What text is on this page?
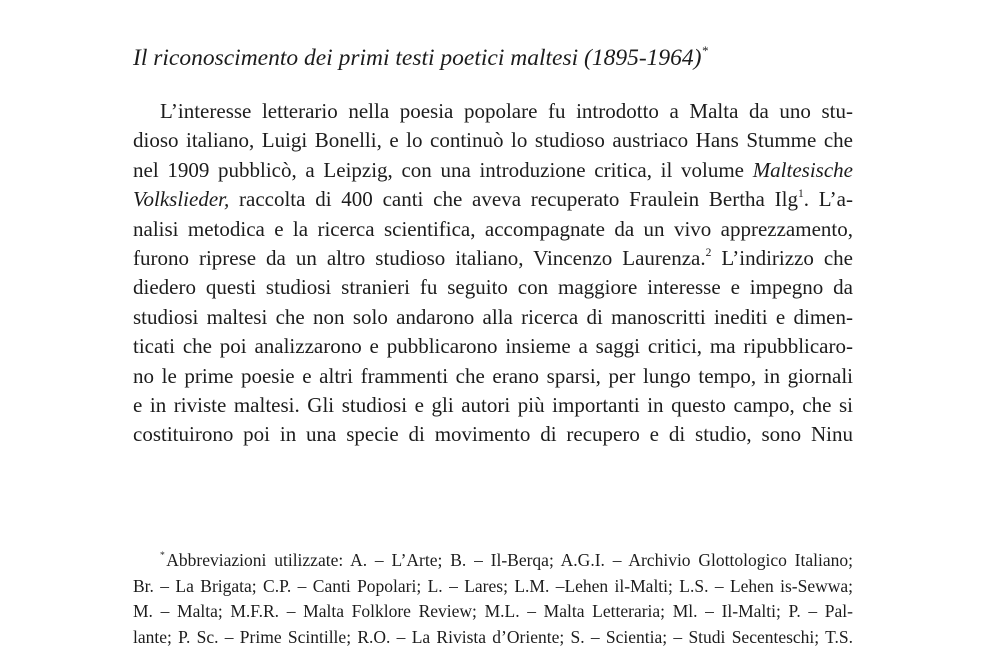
Il riconoscimento dei primi testi poetici maltesi (1895-1964)*
L’interesse letterario nella poesia popolare fu introdotto a Malta da uno stu-
dioso italiano, Luigi Bonelli, e lo continuò lo studioso austriaco Hans Stumme che
nel 1909 pubblicò, a Leipzig, con una introduzione critica, il volume Maltesische
Volkslieder, raccolta di 400 canti che aveva recuperato Fraulein Bertha Ilg$^1$. L’a-
nalisi metodica e la ricerca scientifica, accompagnate da un vivo apprezzamento,
furono riprese da un altro studioso italiano, Vincenzo Laurenza.$^2$ L’indirizzo che
diedero questi studiosi stranieri fu seguito con maggiore interesse e impegno da
studiosi maltesi che non solo andarono alla ricerca di manoscritti inediti e dimen-
ticati che poi analizzarono e pubblicarono insieme a saggi critici, ma ripubblicaro-
no le prime poesie e altri frammenti che erano sparsi, per lungo tempo, in giornali
e in riviste maltesi. Gli studiosi e gli autori più importanti in questo campo, che si
costituirono poi in una specie di movimento di recupero e di studio, sono Ninu
* Abbreviazioni utilizzate: A. – L’Arte; B. – Il-Berqa; A.G.I. – Archivio Glottologico Italiano;
Br. – La Brigata; C.P. – Canti Popolari; L. – Lares; L.M. –Lehen il-Malti; L.S. – Lehen is-Sewwa;
M. – Malta; M.F.R. – Malta Folklore Review; M.L. – Malta Letteraria; Ml. – Il-Malti; P. – Pal-
lante; P. Sc. – Prime Scintille; R.O. – La Rivista d’Oriente; S. – Scientia; – Studi Secenteschi; T.S.
